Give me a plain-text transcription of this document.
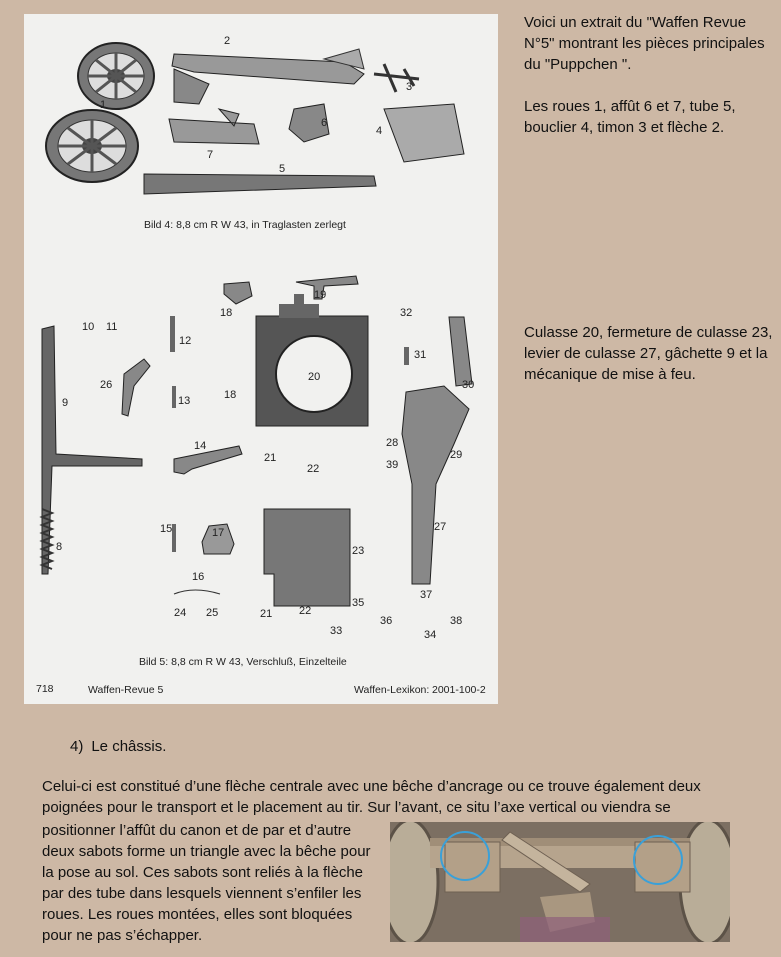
1
2
3
4
5
6
7
Bild 4: 8,8 cm R W 43, in Traglasten zerlegt
8
9
10 11
12
13
14
15
16
17
18
18
19
20
21
21
22
22
23
24 25
26
27
28
29
30
31
32
33	34
35
36
37
38
39
Bild 5: 8,8 cm R W 43, Verschluß, Einzelteile
718	Waffen-Revue 5	Waffen-Lexikon: 2001-100-2

Voici un extrait du "Waffen Revue N°5" montrant les pièces principales du "Puppchen ".

Les roues 1, affût 6 et 7, tube 5, bouclier 4, timon 3 et flèche 2.

Culasse 20, fermeture de culasse 23, levier de culasse 27, gâchette 9 et la mécanique de mise à feu.

4) Le châssis.

Celui-ci est constitué d’une flèche centrale avec une bêche d’ancrage ou ce trouve également deux

poignées pour le transport et le placement au tir. Sur l’avant, ce situ l’axe vertical ou viendra se

positionner l’affût du canon et de par et d’autre deux sabots forme un triangle avec la bêche pour la pose au sol. Ces sabots sont reliés à la flèche par des tube dans lesquels viennent s’enfiler les roues. Les roues montées, elles sont bloquées pour ne pas s’échapper.
